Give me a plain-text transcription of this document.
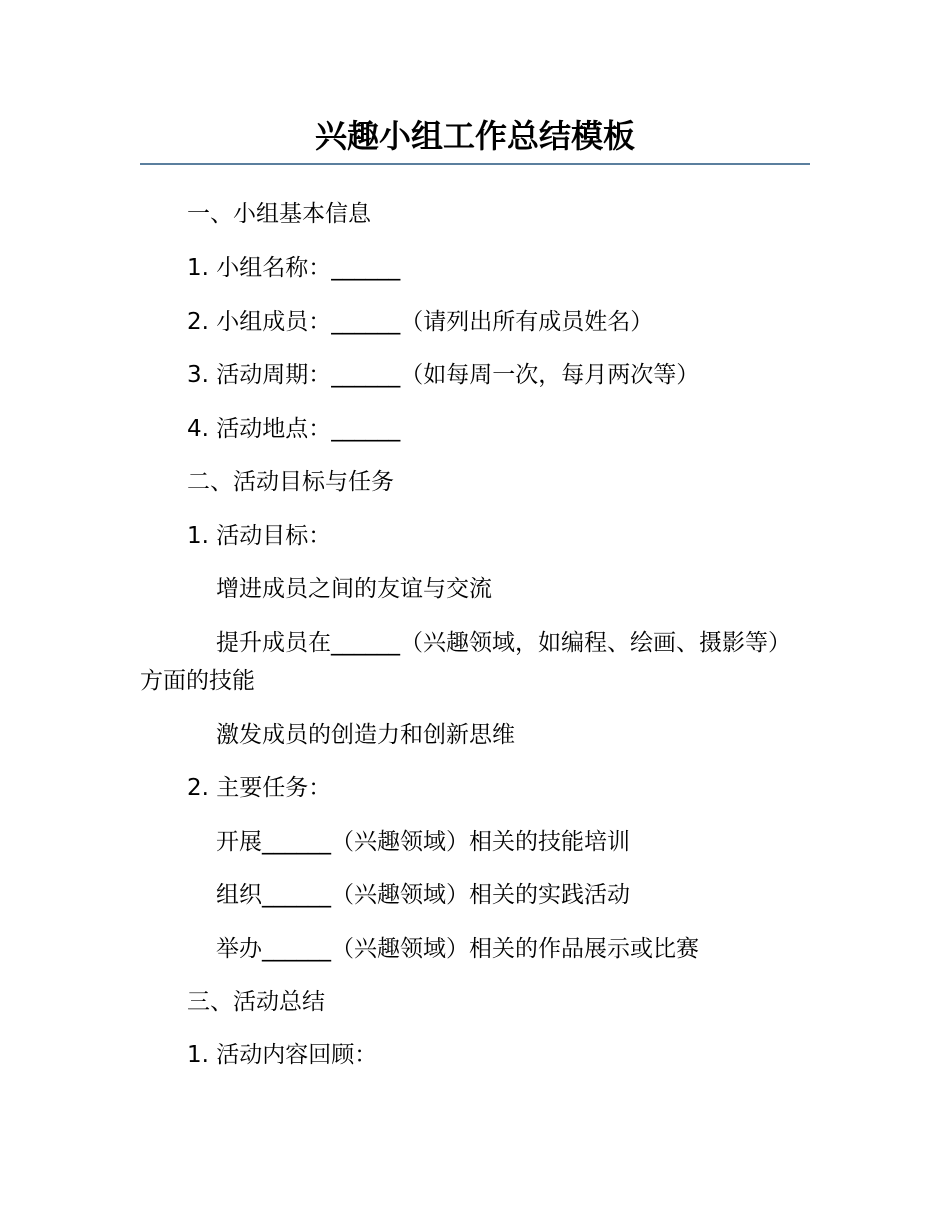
兴趣小组工作总结模板

一、小组基本信息

1. 小组名称：______

2. 小组成员：______（请列出所有成员姓名）

3. 活动周期：______（如每周一次，每月两次等）

4. 活动地点：______

二、活动目标与任务

1. 活动目标：

增进成员之间的友谊与交流

提升成员在______（兴趣领域，如编程、绘画、摄影等）方面的技能

激发成员的创造力和创新思维

2. 主要任务：

开展______（兴趣领域）相关的技能培训

组织______（兴趣领域）相关的实践活动

举办______（兴趣领域）相关的作品展示或比赛

三、活动总结

1. 活动内容回顾：
